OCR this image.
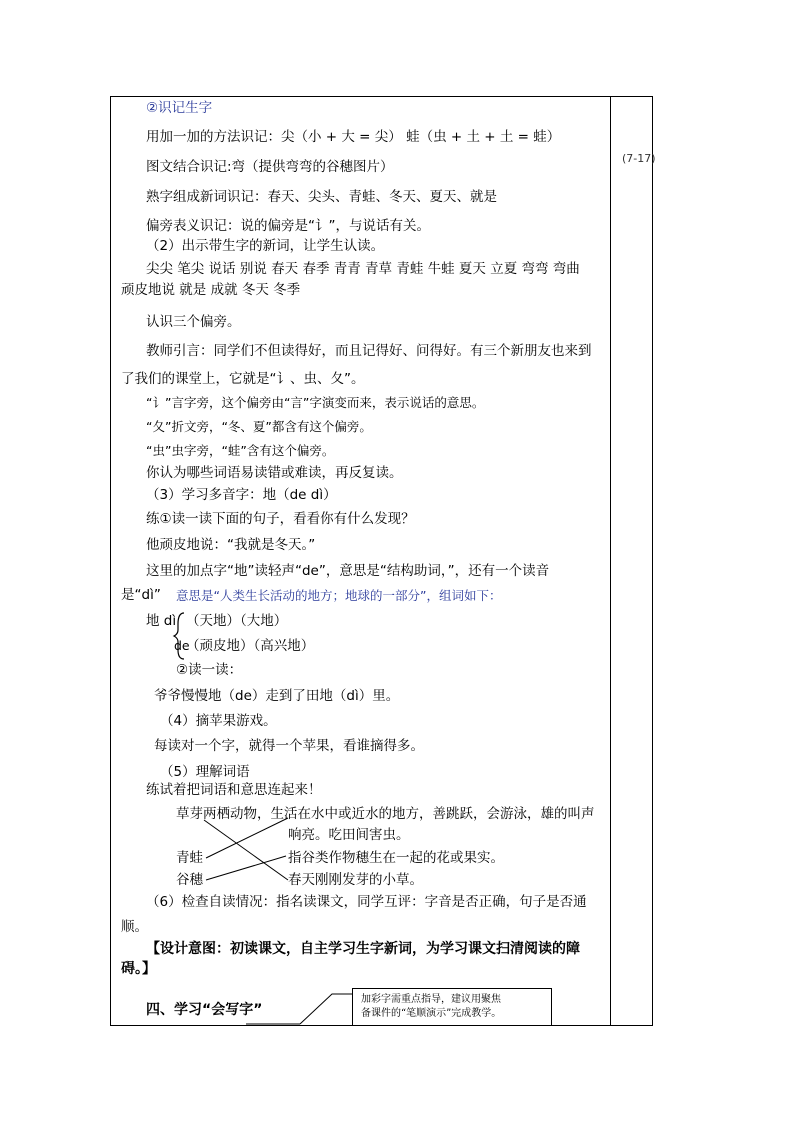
(7-17)
②识记生字
用加一加的方法识记：尖（小 + 大 = 尖） 蛙（虫 + 土 + 土 = 蛙）
图文结合识记:弯（提供弯弯的谷穗图片）
熟字组成新词识记：春天、尖头、青蛙、冬天、夏天、就是
偏旁表义识记：说的偏旁是“讠”，与说话有关。
（2）出示带生字的新词，让学生认读。
尖尖 笔尖 说话 别说 春天 春季 青青 青草 青蛙 牛蛙 夏天 立夏 弯弯 弯曲
顽皮地说 就是 成就 冬天 冬季
认识三个偏旁。
教师引言：同学们不但读得好，而且记得好、问得好。有三个新朋友也来到
了我们的课堂上，它就是“讠、虫、夂”。
“讠”言字旁，这个偏旁由“言”字演变而来，表示说话的意思。
“夂”折文旁，“冬、夏”都含有这个偏旁。
“虫”虫字旁，“蛙”含有这个偏旁。
你认为哪些词语易读错或难读，再反复读。
（3）学习多音字：地（de dì）
练①读一读下面的句子，看看你有什么发现？
他顽皮地说：“我就是冬天。”
这里的加点字“地”读轻声“de”，意思是“结构助词，”，还有一个读音
是“dì” 意思是“人类生长活动的地方；地球的一部分”，组词如下：
地 dì （天地）（大地）
de
（顽皮地）（高兴地）
②读一读：
爷爷慢慢地（de）走到了田地（dì）里。
（4）摘苹果游戏。
每读对一个字，就得一个苹果，看谁摘得多。
（5）理解词语
练试着把词语和意思连起来！
草芽 两栖动物，生活在水中或近水的地方，善跳跃，会游泳，雄的叫声
响亮。吃田间害虫。
青蛙	指谷类作物穗生在一起的花或果实。
谷穗	春天刚刚发芽的小草。
（6）检查自读情况：指名读课文，同学互评：字音是否正确，句子是否通
顺。
【设计意图：初读课文，自主学习生字新词，为学习课文扫清阅读的障
碍。】
四、学习“会写字”
加彩字需重点指导，建议用聚焦
备课件的“笔顺演示”完成教学。
